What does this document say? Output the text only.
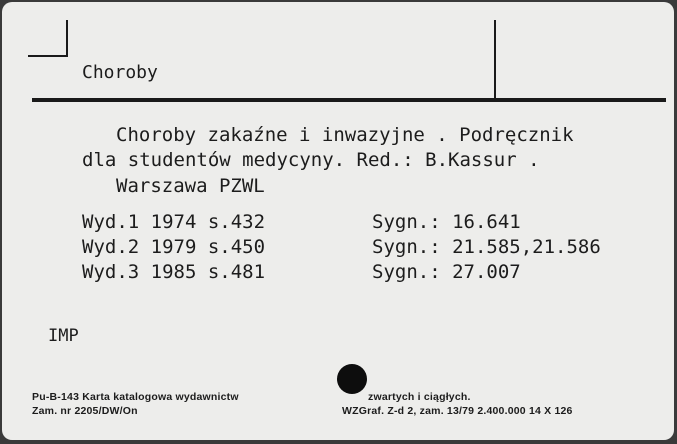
Choroby
Choroby zakaźne i inwazyjne . Podręcznik
dla studentów medycyny. Red.: B.Kassur .
Warszawa PZWL
Wyd.1 1974 s.432	Sygn.: 16.641
Wyd.2 1979 s.450	Sygn.: 21.585,21.586
Wyd.3 1985 s.481	Sygn.: 27.007
IMP
Pu-B-143 Karta katalogowa wydawnictw	zwartych i ciągłych.
Zam. nr 2205/DW/On	WZGraf. Z-d 2, zam. 13/79 2.400.000 14 X 126
